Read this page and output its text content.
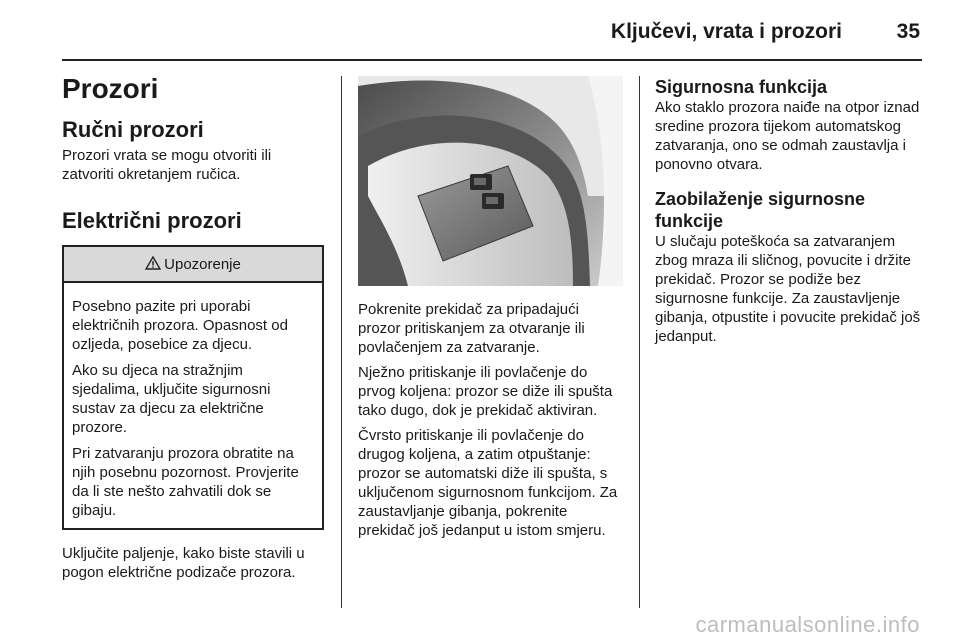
Ključevi, vrata i prozori	35
Prozori
Ručni prozori

Prozori vrata se mogu otvoriti ili zatvoriti okretanjem ručica.

Električni prozori
Upozorenje

Posebno pazite pri uporabi električnih prozora. Opasnost od ozljeda, posebice za djecu.

Ako su djeca na stražnjim sjedalima, uključite sigurnosni sustav za djecu za električne prozore.

Pri zatvaranju prozora obratite na njih posebnu pozornost. Provjerite da li ste nešto zahvatili dok se gibaju.

Uključite paljenje, kako biste stavili u pogon električne podizače prozora.

Pokrenite prekidač za pripadajući prozor pritiskanjem za otvaranje ili povlačenjem za zatvaranje.

Nježno pritiskanje ili povlačenje do prvog koljena: prozor se diže ili spušta tako dugo, dok je prekidač aktiviran.

Čvrsto pritiskanje ili povlačenje do drugog koljena, a zatim otpuštanje: prozor se automatski diže ili spušta, s uključenom sigurnosnom funkcijom. Za zaustavljanje gibanja, pokrenite prekidač još jedanput u istom smjeru.

Sigurnosna funkcija

Ako staklo prozora naiđe na otpor iznad sredine prozora tijekom automatskog zatvaranja, ono se odmah zaustavlja i ponovno otvara.

Zaobilaženje sigurnosne funkcije

U slučaju poteškoća sa zatvaranjem zbog mraza ili sličnog, povucite i držite prekidač. Prozor se podiže bez sigurnosne funkcije. Za zaustavljenje gibanja, otpustite i povucite prekidač još jedanput.

carmanualsonline.info
